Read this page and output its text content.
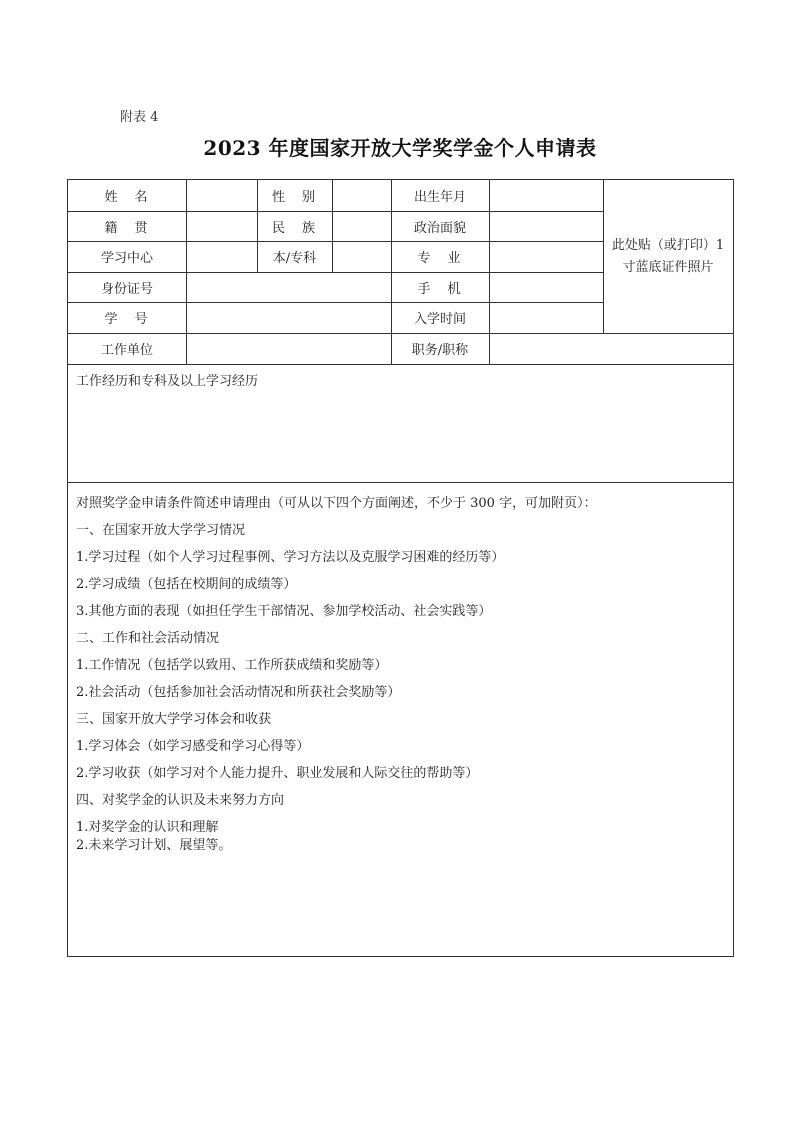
附表 4
2023 年度国家开放大学奖学金个人申请表
姓　名	性　别	出生年月
籍　贯	民　族	政治面貌
学习中心	本/专科	专　业
身份证号	手　机
学　号	入学时间
此处贴（或打印）1寸蓝底证件照片
工作单位	职务/职称
工作经历和专科及以上学习经历
对照奖学金申请条件简述申请理由（可从以下四个方面阐述，不少于 300 字，可加附页）：
一、在国家开放大学学习情况
1.学习过程（如个人学习过程事例、学习方法以及克服学习困难的经历等）
2.学习成绩（包括在校期间的成绩等）
3.其他方面的表现（如担任学生干部情况、参加学校活动、社会实践等）
二、工作和社会活动情况
1.工作情况（包括学以致用、工作所获成绩和奖励等）
2.社会活动（包括参加社会活动情况和所获社会奖励等）
三、国家开放大学学习体会和收获
1.学习体会（如学习感受和学习心得等）
2.学习收获（如学习对个人能力提升、职业发展和人际交往的帮助等）
四、对奖学金的认识及未来努力方向
1.对奖学金的认识和理解
2.未来学习计划、展望等。
